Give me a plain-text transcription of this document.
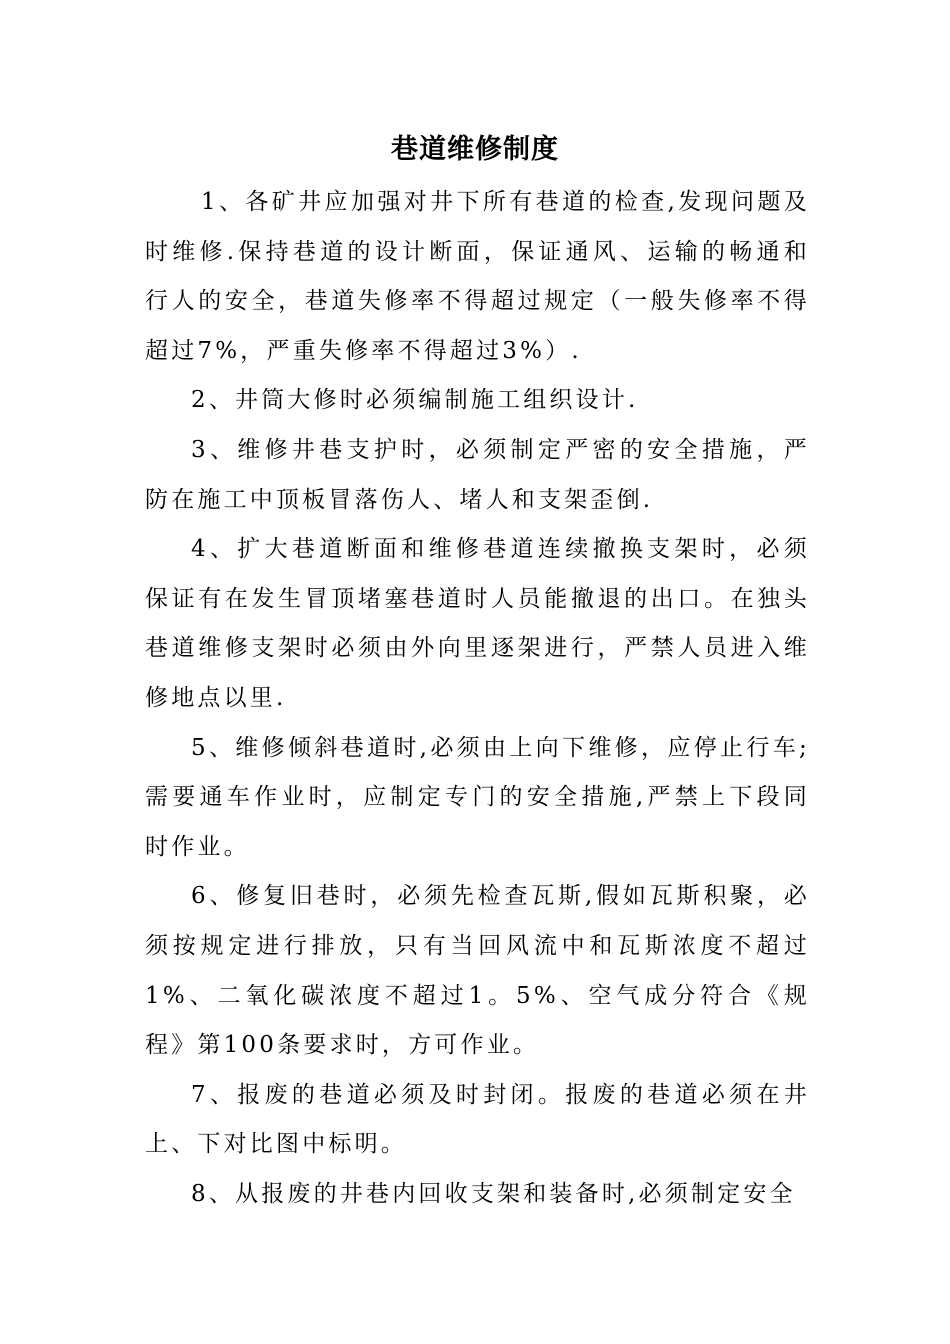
巷道维修制度

1、各矿井应加强对井下所有巷道的检查,发现问题及时维修.保持巷道的设计断面，保证通风、运输的畅通和行人的安全，巷道失修率不得超过规定（一般失修率不得超过7%，严重失修率不得超过3%）.

2、井筒大修时必须编制施工组织设计.

3、维修井巷支护时，必须制定严密的安全措施，严防在施工中顶板冒落伤人、堵人和支架歪倒.

4、扩大巷道断面和维修巷道连续撤换支架时，必须保证有在发生冒顶堵塞巷道时人员能撤退的出口。在独头巷道维修支架时必须由外向里逐架进行，严禁人员进入维修地点以里.

5、维修倾斜巷道时,必须由上向下维修，应停止行车;需要通车作业时，应制定专门的安全措施,严禁上下段同时作业。

6、修复旧巷时，必须先检查瓦斯,假如瓦斯积聚，必须按规定进行排放，只有当回风流中和瓦斯浓度不超过1%、二氧化碳浓度不超过1。5%、空气成分符合《规程》第100条要求时，方可作业。

7、报废的巷道必须及时封闭。报废的巷道必须在井上、下对比图中标明。

8、从报废的井巷内回收支架和装备时,必须制定安全
